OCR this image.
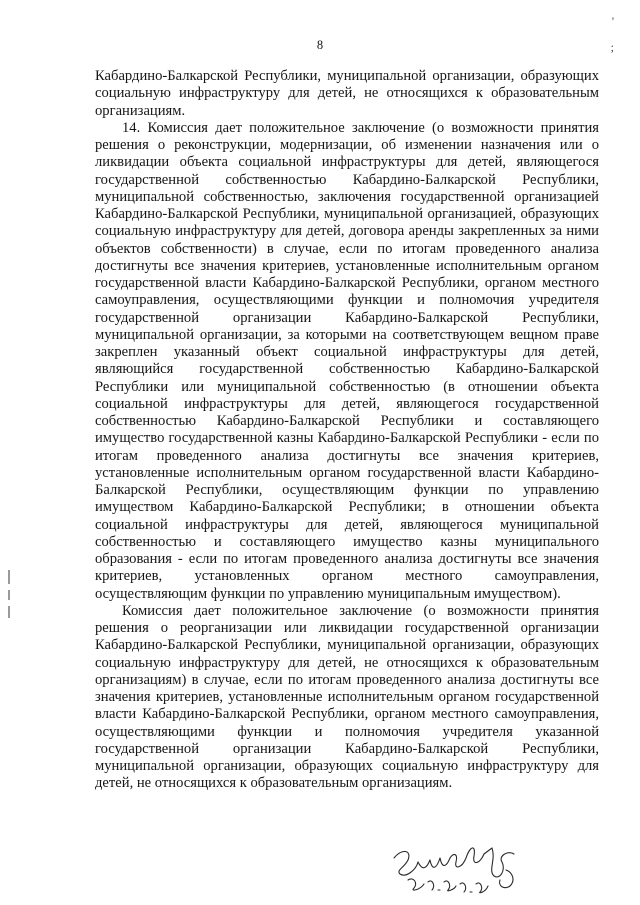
8
'
;

Кабардино-Балкарской Республики, муниципальной организации, образующих социальную инфраструктуру для детей, не относящихся к образовательным организациям.

14. Комиссия дает положительное заключение (о возможности принятия решения о реконструкции, модернизации, об изменении назначения или о ликвидации объекта социальной инфраструктуры для детей, являющегося государственной собственностью Кабардино-Балкарской Республики, муниципальной собственностью, заключения государственной организацией Кабардино-Балкарской Республики, муниципальной организацией, образующих социальную инфраструктуру для детей, договора аренды закрепленных за ними объектов собственности) в случае, если по итогам проведенного анализа достигнуты все значения критериев, установленные исполнительным органом государственной власти Кабардино-Балкарской Республики, органом местного самоуправления, осуществляющими функции и полномочия учредителя государственной организации Кабардино-Балкарской Республики, муниципальной организации, за которыми на соответствующем вещном праве закреплен указанный объект социальной инфраструктуры для детей, являющийся государственной собственностью Кабардино-Балкарской Республики или муниципальной собственностью (в отношении объекта социальной инфраструктуры для детей, являющегося государственной собственностью Кабардино-Балкарской Республики и составляющего имущество государственной казны Кабардино-Балкарской Республики - если по итогам проведенного анализа достигнуты все значения критериев, установленные исполнительным органом государственной власти Кабардино-Балкарской Республики, осуществляющим функции по управлению имуществом Кабардино-Балкарской Республики; в отношении объекта социальной инфраструктуры для детей, являющегося муниципальной собственностью и составляющего имущество казны муниципального образования - если по итогам проведенного анализа достигнуты все значения критериев, установленных органом местного самоуправления, осуществляющим функции по управлению муниципальным имуществом).

Комиссия дает положительное заключение (о возможности принятия решения о реорганизации или ликвидации государственной организации Кабардино-Балкарской Республики, муниципальной организации, образующих социальную инфраструктуру для детей, не относящихся к образовательным организациям) в случае, если по итогам проведенного анализа достигнуты все значения критериев, установленные исполнительным органом государственной власти Кабардино-Балкарской Республики, органом местного самоуправления, осуществляющими функции и полномочия учредителя указанной государственной организации Кабардино-Балкарской Республики, муниципальной организации, образующих социальную инфраструктуру для детей, не относящихся к образовательным организациям.
